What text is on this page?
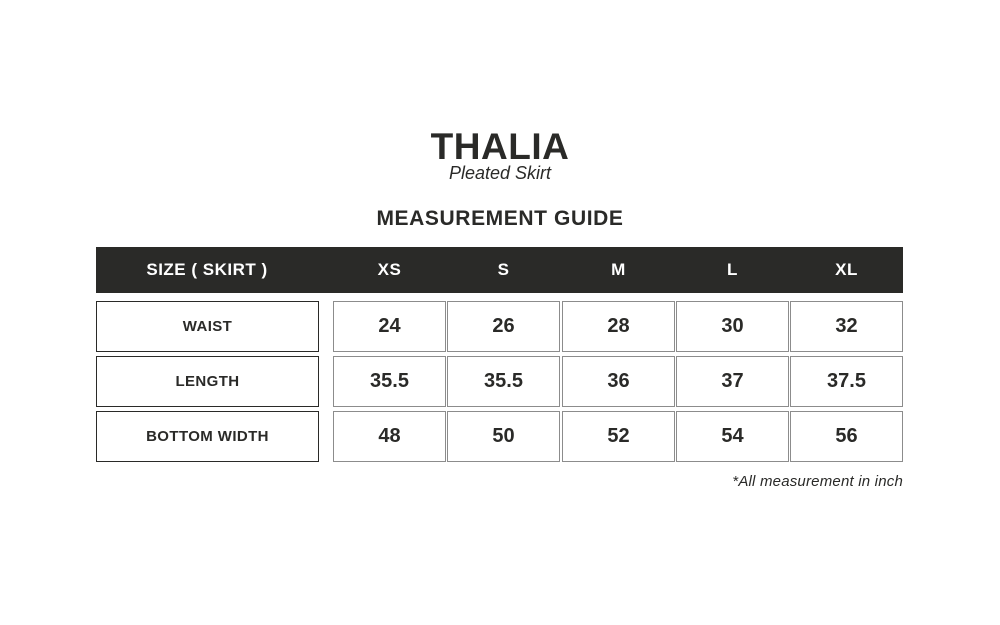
THALIA
Pleated Skirt
MEASUREMENT GUIDE
SIZE ( SKIRT )	XS	S	M	L	XL
WAIST	24	26	28	30	32
LENGTH	35.5	35.5	36	37	37.5
BOTTOM WIDTH	48	50	52	54	56
*All measurement in inch
